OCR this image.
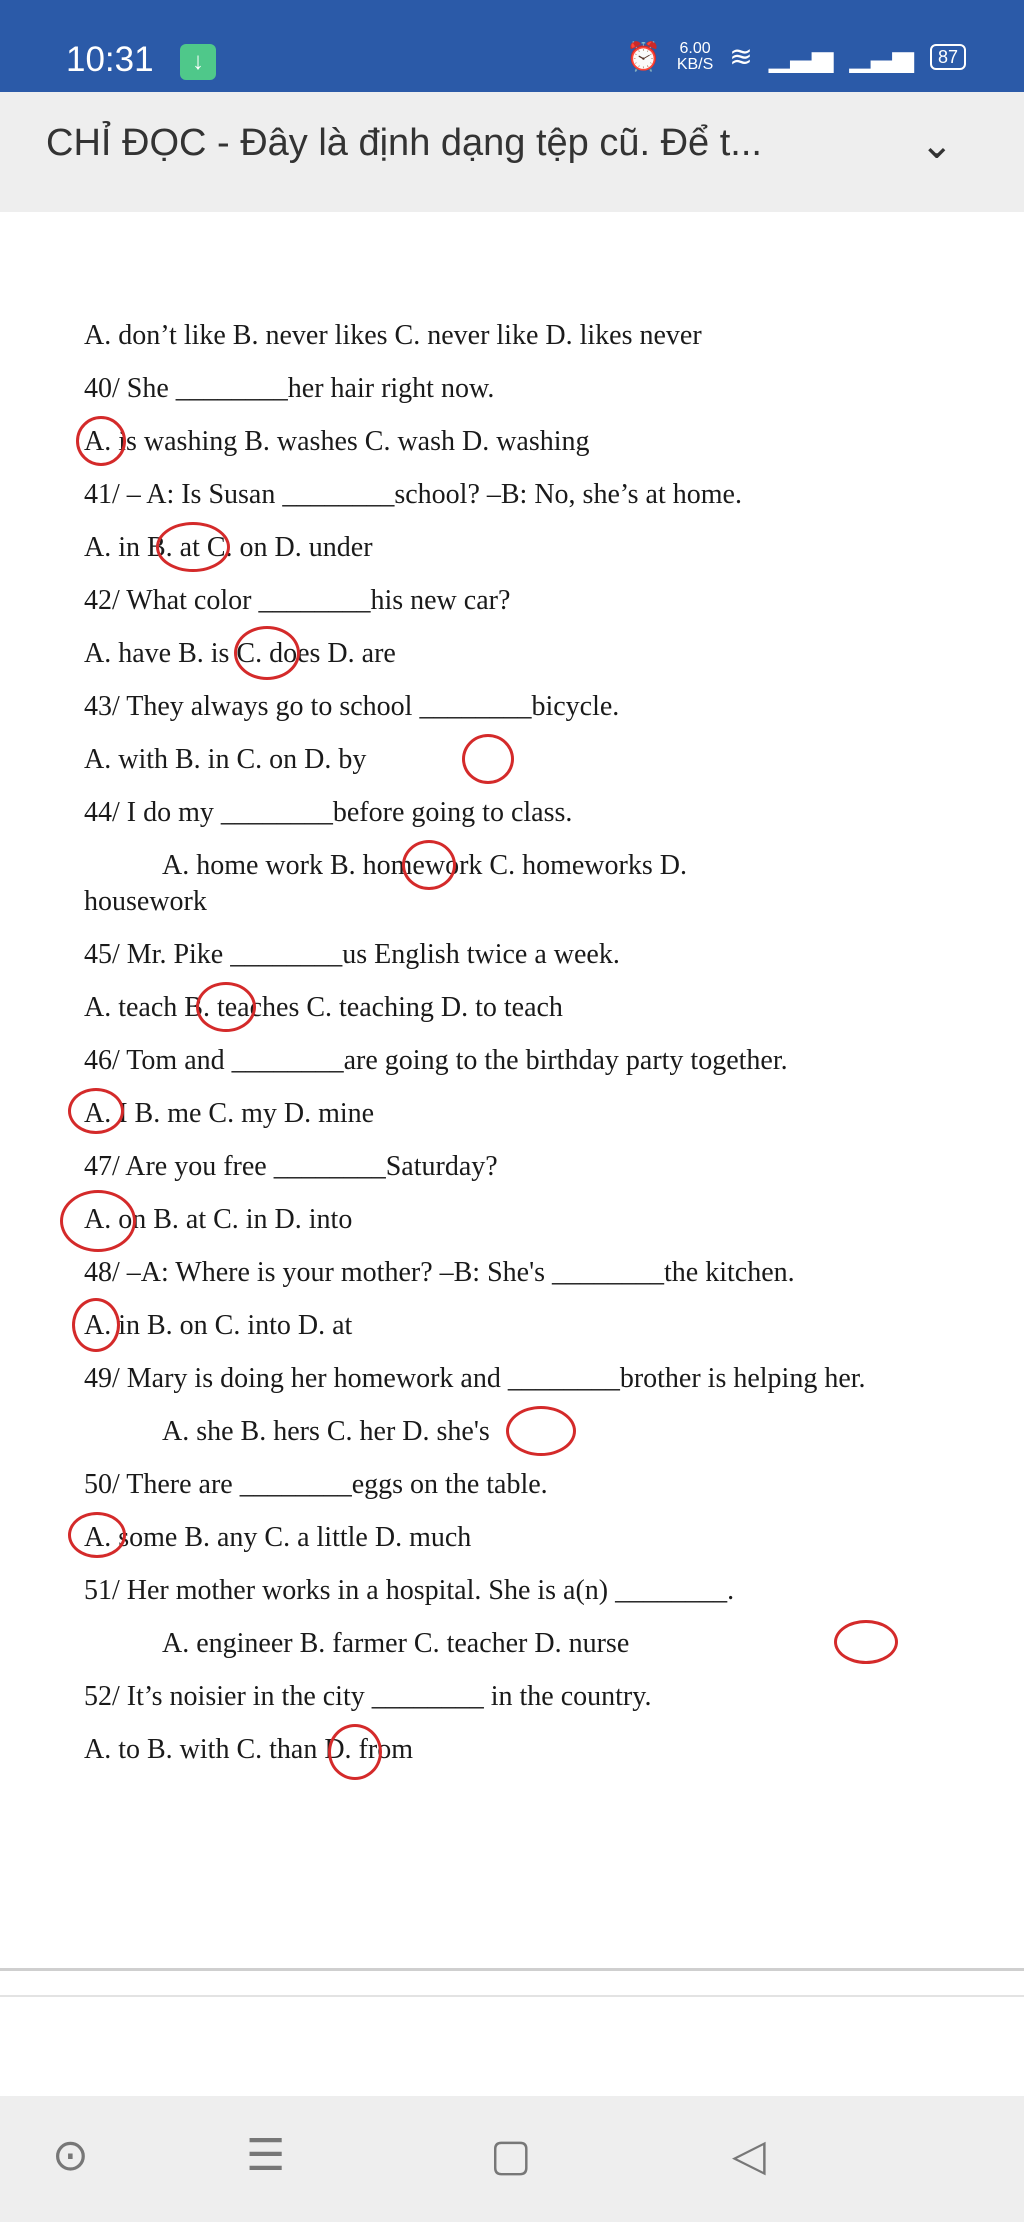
10:31	↓	⏰ 6.00
KB/S ≋ ▁▃▅ ▁▃▅	87
CHỈ ĐỌC - Đây là định dạng tệp cũ. Để t...	⌄
A. don’t like B. never likes C. never like D. likes never
40/ She ________her hair right now.
A. is washing B. washes C. wash D. washing
41/ – A: Is Susan ________school? –B: No, she’s at home.
A. in B. at C. on D. under
42/ What color ________his new car?
A. have B. is C. does D. are
43/ They always go to school ________bicycle.
A. with B. in C. on D. by
44/ I do my ________before going to class.
A. home work B. homework C. homeworks D.
housework
45/ Mr. Pike ________us English twice a week.
A. teach B. teaches C. teaching D. to teach
46/ Tom and ________are going to the birthday party together.
A. I B. me C. my D. mine
47/ Are you free ________Saturday?
A. on B. at C. in D. into
48/ –A: Where is your mother? –B: She's ________the kitchen.
A. in B. on C. into D. at
49/ Mary is doing her homework and ________brother is helping her.
A. she B. hers C. her D. she's
50/ There are ________eggs on the table.
A. some B. any C. a little D. much
51/ Her mother works in a hospital. She is a(n) ________.
A. engineer B. farmer C. teacher D. nurse
52/ It’s noisier in the city ________ in the country.
A. to B. with C. than D. from
⊙	☰	▢	◁
